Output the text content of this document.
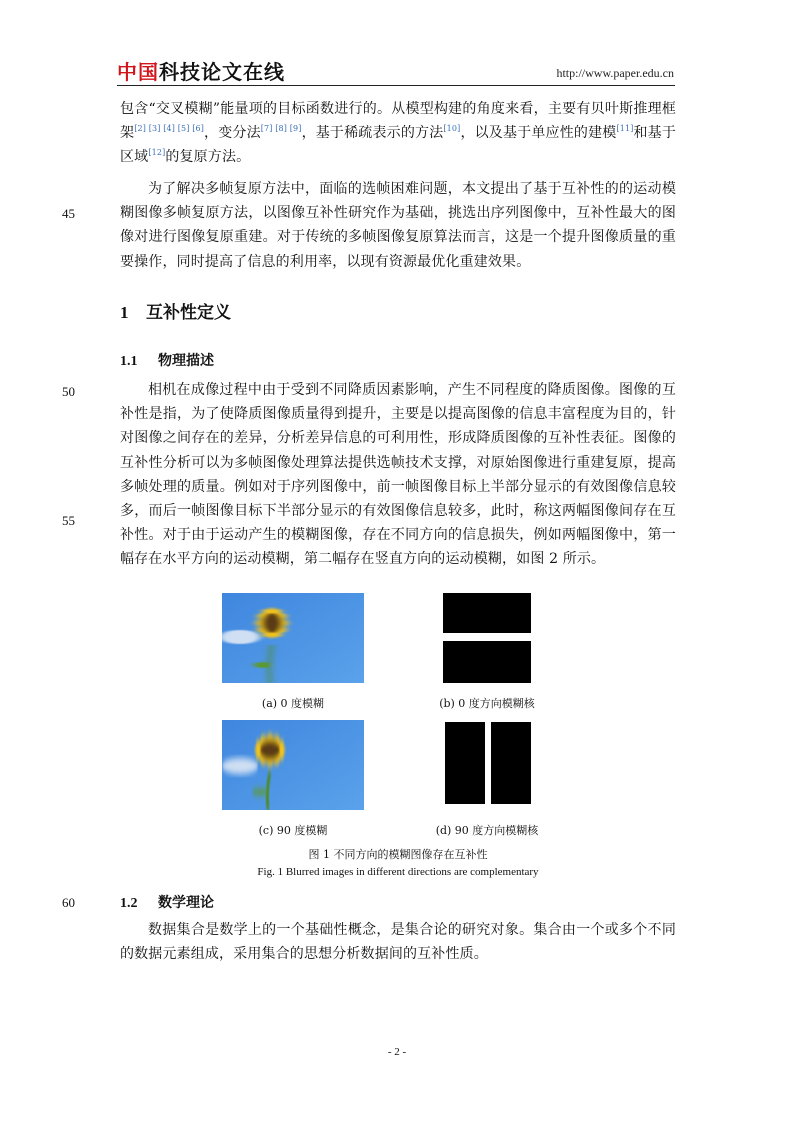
中国科技论文在线	http://www.paper.edu.cn
包含“交叉模糊”能量项的目标函数进行的。从模型构建的角度来看，主要有贝叶斯推理框架[2] [3] [4] [5] [6]，变分法[7] [8] [9]，基于稀疏表示的方法[10]，以及基于单应性的建模[11]和基于区域[12]的复原方法。
为了解决多帧复原方法中，面临的选帧困难问题，本文提出了基于互补性的的运动模糊图像多帧复原方法，以图像互补性研究作为基础，挑选出序列图像中，互补性最大的图像对进行图像复原重建。对于传统的多帧图像复原算法而言，这是一个提升图像质量的重要操作，同时提高了信息的利用率，以现有资源最优化重建效果。
45
1 互补性定义
1.1 物理描述
50	相机在成像过程中由于受到不同降质因素影响，产生不同程度的降质图像。图像的互补性是指，为了使降质图像质量得到提升，主要是以提高图像的信息丰富程度为目的，针对图像之间存在的差异，分析差异信息的可利用性，形成降质图像的互补性表征。图像的互补性分析可以为多帧图像处理算法提供选帧技术支撑，对原始图像进行重建复原，提高多帧处理的质量。例如对于序列图像中，前一帧图像目标上半部分显示的有效图像信息较多，而后一帧图像目标下半部分显示的有效图像信息较多，此时，称这两幅图像间存在互补性。对于由于运动产生的模糊图像，存在不同方向的信息损失，例如两幅图像中，第一幅存在水平方向的运动模糊，第二幅存在竖直方向的运动模糊，如图 2 所示。
55
(a) 0 度模糊	(b) 0 度方向模糊核
(c) 90 度模糊	(d) 90 度方向模糊核
图 1 不同方向的模糊图像存在互补性
Fig. 1 Blurred images in different directions are complementary
60	1.2 数学理论
数据集合是数学上的一个基础性概念，是集合论的研究对象。集合由一个或多个不同的数据元素组成，采用集合的思想分析数据间的互补性质。
- 2 -
